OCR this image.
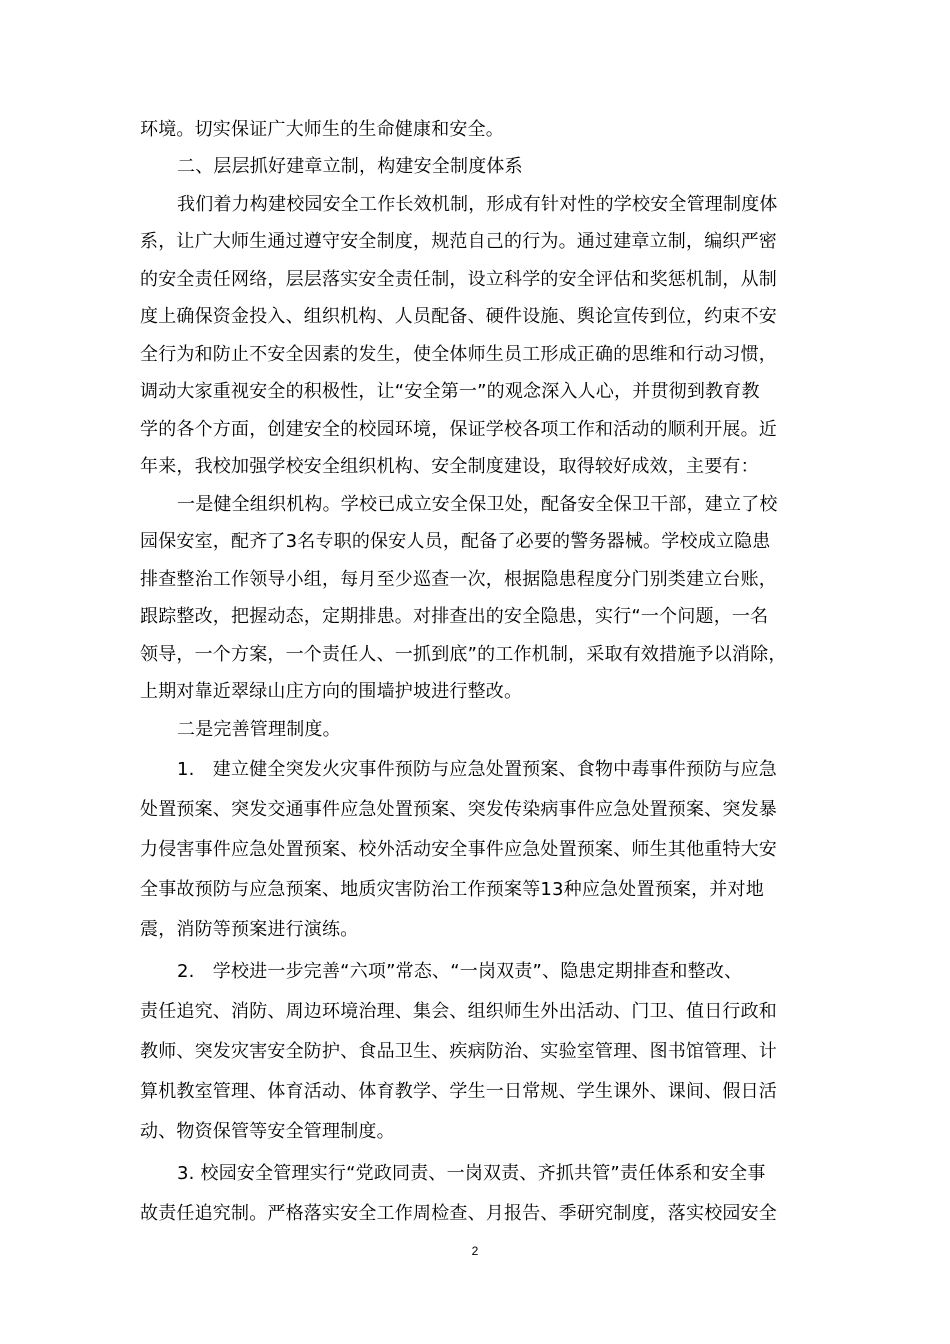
环境。切实保证广大师生的生命健康和安全。
二、层层抓好建章立制，构建安全制度体系
我们着力构建校园安全工作长效机制，形成有针对性的学校安全管理制度体
系，让广大师生通过遵守安全制度，规范自己的行为。通过建章立制，编织严密
的安全责任网络，层层落实安全责任制，设立科学的安全评估和奖惩机制，从制
度上确保资金投入、组织机构、人员配备、硬件设施、舆论宣传到位，约束不安
全行为和防止不安全因素的发生，使全体师生员工形成正确的思维和行动习惯，
调动大家重视安全的积极性，让“安全第一”的观念深入人心，并贯彻到教育教
学的各个方面，创建安全的校园环境，保证学校各项工作和活动的顺利开展。近
年来，我校加强学校安全组织机构、安全制度建设，取得较好成效，主要有：
一是健全组织机构。学校已成立安全保卫处，配备安全保卫干部，建立了校
园保安室，配齐了3名专职的保安人员，配备了必要的警务器械。学校成立隐患
排查整治工作领导小组，每月至少巡查一次，根据隐患程度分门别类建立台账，
跟踪整改，把握动态，定期排患。对排查出的安全隐患，实行“一个问题，一名
领导，一个方案，一个责任人、一抓到底”的工作机制，采取有效措施予以消除，
上期对靠近翠绿山庄方向的围墙护坡进行整改。
二是完善管理制度。
1.　建立健全突发火灾事件预防与应急处置预案、食物中毒事件预防与应急
处置预案、突发交通事件应急处置预案、突发传染病事件应急处置预案、突发暴
力侵害事件应急处置预案、校外活动安全事件应急处置预案、师生其他重特大安
全事故预防与应急预案、地质灾害防治工作预案等13种应急处置预案，并对地
震，消防等预案进行演练。
2.　学校进一步完善“六项”常态、“一岗双责”、隐患定期排查和整改、
责任追究、消防、周边环境治理、集会、组织师生外出活动、门卫、值日行政和
教师、突发灾害安全防护、食品卫生、疾病防治、实验室管理、图书馆管理、计
算机教室管理、体育活动、体育教学、学生一日常规、学生课外、课间、假日活
动、物资保管等安全管理制度。
3. 校园安全管理实行“党政同责、一岗双责、齐抓共管”责任体系和安全事
故责任追究制。严格落实安全工作周检查、月报告、季研究制度，落实校园安全
2
